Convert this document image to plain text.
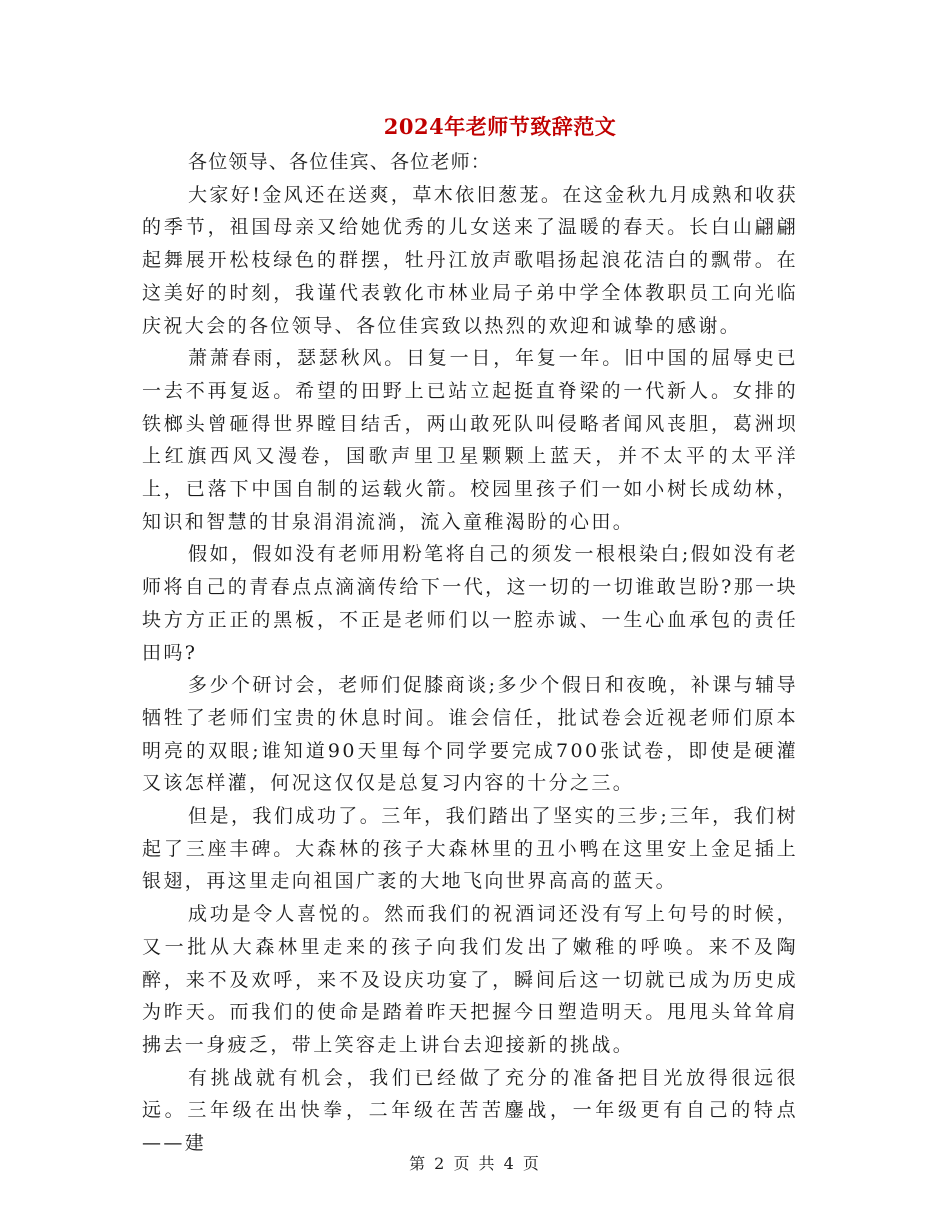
2024年老师节致辞范文

各位领导、各位佳宾、各位老师：

大家好!金风还在送爽，草木依旧葱茏。在这金秋九月成熟和收获的季节，祖国母亲又给她优秀的儿女送来了温暖的春天。长白山翩翩起舞展开松枝绿色的群摆，牡丹江放声歌唱扬起浪花洁白的飘带。在这美好的时刻，我谨代表敦化市林业局子弟中学全体教职员工向光临庆祝大会的各位领导、各位佳宾致以热烈的欢迎和诚挚的感谢。

萧萧春雨，瑟瑟秋风。日复一日，年复一年。旧中国的屈辱史已一去不再复返。希望的田野上已站立起挺直脊梁的一代新人。女排的铁榔头曾砸得世界瞠目结舌，两山敢死队叫侵略者闻风丧胆，葛洲坝上红旗西风又漫卷，国歌声里卫星颗颗上蓝天，并不太平的太平洋上，已落下中国自制的运载火箭。校园里孩子们一如小树长成幼林，知识和智慧的甘泉涓涓流淌，流入童稚渴盼的心田。

假如，假如没有老师用粉笔将自己的须发一根根染白;假如没有老师将自己的青春点点滴滴传给下一代，这一切的一切谁敢岂盼?那一块块方方正正的黑板，不正是老师们以一腔赤诚、一生心血承包的责任田吗?

多少个研讨会，老师们促膝商谈;多少个假日和夜晚，补课与辅导牺牲了老师们宝贵的休息时间。谁会信任，批试卷会近视老师们原本明亮的双眼;谁知道90天里每个同学要完成700张试卷，即使是硬灌又该怎样灌，何况这仅仅是总复习内容的十分之三。

但是，我们成功了。三年，我们踏出了坚实的三步;三年，我们树起了三座丰碑。大森林的孩子大森林里的丑小鸭在这里安上金足插上银翅，再这里走向祖国广袤的大地飞向世界高高的蓝天。

成功是令人喜悦的。然而我们的祝酒词还没有写上句号的时候，又一批从大森林里走来的孩子向我们发出了嫩稚的呼唤。来不及陶醉，来不及欢呼，来不及设庆功宴了，瞬间后这一切就已成为历史成为昨天。而我们的使命是踏着昨天把握今日塑造明天。甩甩头耸耸肩拂去一身疲乏，带上笑容走上讲台去迎接新的挑战。

有挑战就有机会，我们已经做了充分的准备把目光放得很远很远。三年级在出快拳，二年级在苦苦鏖战，一年级更有自己的特点——建

第 2 页 共 4 页
